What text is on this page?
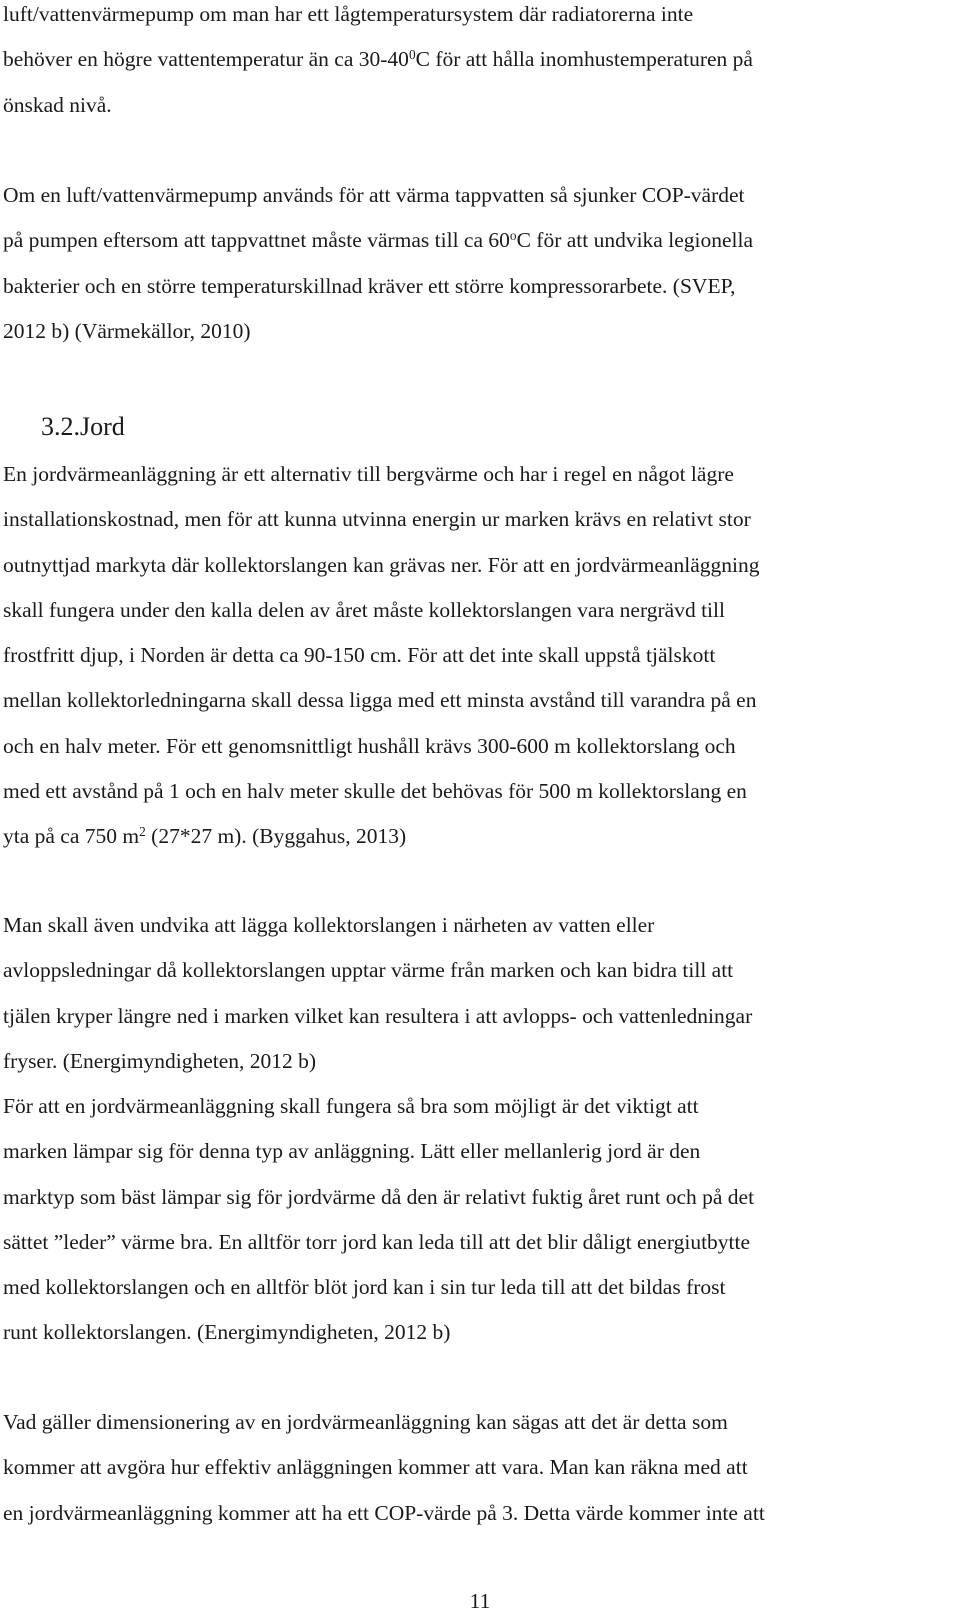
luft/vattenvärmepump om man har ett lågtemperatursystem där radiatorerna inte
behöver en högre vattentemperatur än ca $30-40^0C$ för att hålla inomhustemperaturen på
önskad nivå.

Om en luft/vattenvärmepump används för att värma tappvatten så sjunker COP-värdet
på pumpen eftersom att tappvattnet måste värmas till ca 60$^o$C för att undvika legionella
bakterier och en större temperaturskillnad kräver ett större kompressorarbete. (SVEP,
2012 b) (Värmekällor, 2010)

3.2.Jord

En jordvärmeanläggning är ett alternativ till bergvärme och har i regel en något lägre
installationskostnad, men för att kunna utvinna energin ur marken krävs en relativt stor
outnyttjad markyta där kollektorslangen kan grävas ner. För att en jordvärmeanläggning
skall fungera under den kalla delen av året måste kollektorslangen vara nergrävd till
frostfritt djup, i Norden är detta ca 90-150 cm. För att det inte skall uppstå tjälskott
mellan kollektorledningarna skall dessa ligga med ett minsta avstånd till varandra på en
och en halv meter. För ett genomsnittligt hushåll krävs 300-600 m kollektorslang och
med ett avstånd på 1 och en halv meter skulle det behövas för 500 m kollektorslang en
yta på ca 750 $m^2$ (27*27 m). (Byggahus, 2013)

Man skall även undvika att lägga kollektorslangen i närheten av vatten eller
avloppsledningar då kollektorslangen upptar värme från marken och kan bidra till att
tjälen kryper längre ned i marken vilket kan resultera i att avlopps- och vattenledningar
fryser. (Energimyndigheten, 2012 b)

För att en jordvärmeanläggning skall fungera så bra som möjligt är det viktigt att
marken lämpar sig för denna typ av anläggning. Lätt eller mellanlerig jord är den
marktyp som bäst lämpar sig för jordvärme då den är relativt fuktig året runt och på det
sättet ”leder” värme bra. En alltför torr jord kan leda till att det blir dåligt energiutbytte
med kollektorslangen och en alltför blöt jord kan i sin tur leda till att det bildas frost
runt kollektorslangen. (Energimyndigheten, 2012 b)

Vad gäller dimensionering av en jordvärmeanläggning kan sägas att det är detta som
kommer att avgöra hur effektiv anläggningen kommer att vara. Man kan räkna med att
en jordvärmeanläggning kommer att ha ett COP-värde på 3. Detta värde kommer inte att

11
